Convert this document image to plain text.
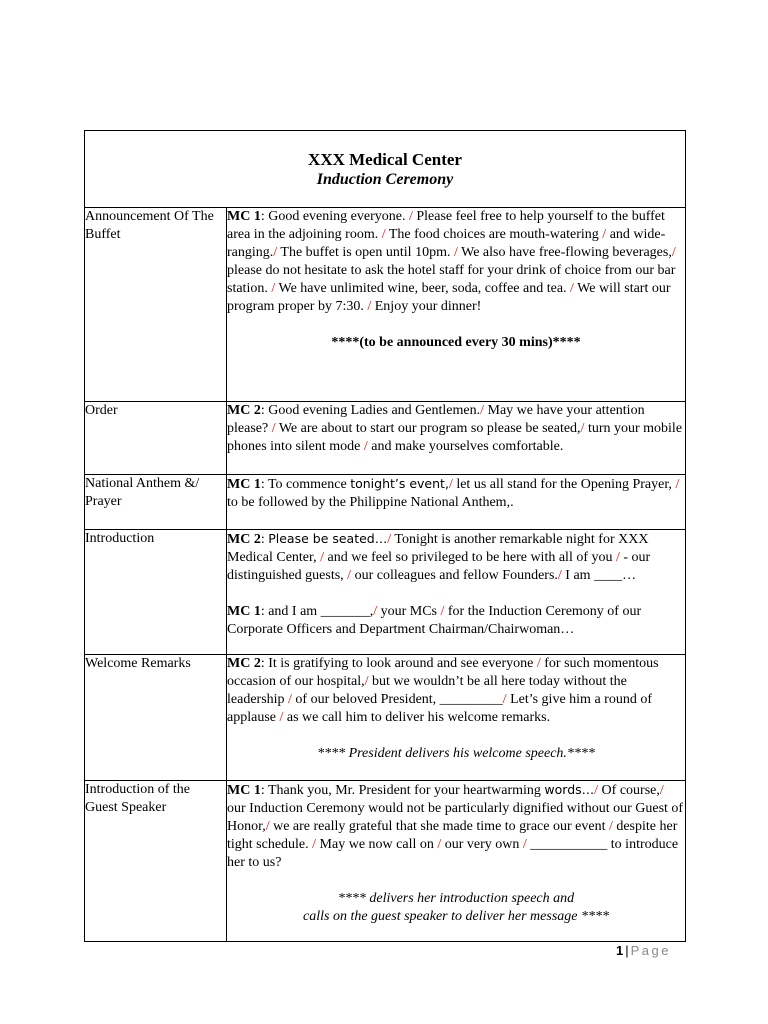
XXX Medical Center
Induction Ceremony	

Announcement Of The Buffet	MC 1: Good evening everyone. / Please feel free to help yourself to the buffet area in the adjoining room. / The food choices are mouth-watering / and wide-ranging./ The buffet is open until 10pm. / We also have free-flowing beverages,/ please do not hesitate to ask the hotel staff for your drink of choice from our bar station. / We have unlimited wine, beer, soda, coffee and tea. / We will start our program proper by 7:30. / Enjoy your dinner!

****(to be announced every 30 mins)****

Order	MC 2: Good evening Ladies and Gentlemen./ May we have your attention please? / We are about to start our program so please be seated,/ turn your mobile phones into silent mode / and make yourselves comfortable.

National Anthem &/ Prayer	MC 1: To commence tonight’s event,/ let us all stand for the Opening Prayer, / to be followed by the Philippine National Anthem,.

Introduction	MC 2: Please be seated…/ Tonight is another remarkable night for XXX Medical Center, / and we feel so privileged to be here with all of you / - our distinguished guests, / our colleagues and fellow Founders./ I am ____…

MC 1: and I am _______,/ your MCs / for the Induction Ceremony of our Corporate Officers and Department Chairman/Chairwoman…

Welcome Remarks	MC 2: It is gratifying to look around and see everyone / for such momentous occasion of our hospital,/ but we wouldn’t be all here today without the leadership / of our beloved President, _________/ Let’s give him a round of applause / as we call him to deliver his welcome remarks.

**** President delivers his welcome speech.****

Introduction of the Guest Speaker	MC 1: Thank you, Mr. President for your heartwarming words…/ Of course,/ our Induction Ceremony would not be particularly dignified without our Guest of Honor,/ we are really grateful that she made time to grace our event / despite her tight schedule. / May we now call on / our very own / ___________ to introduce her to us?

**** delivers her introduction speech and
calls on the guest speaker to deliver her message ****

1 | Page
